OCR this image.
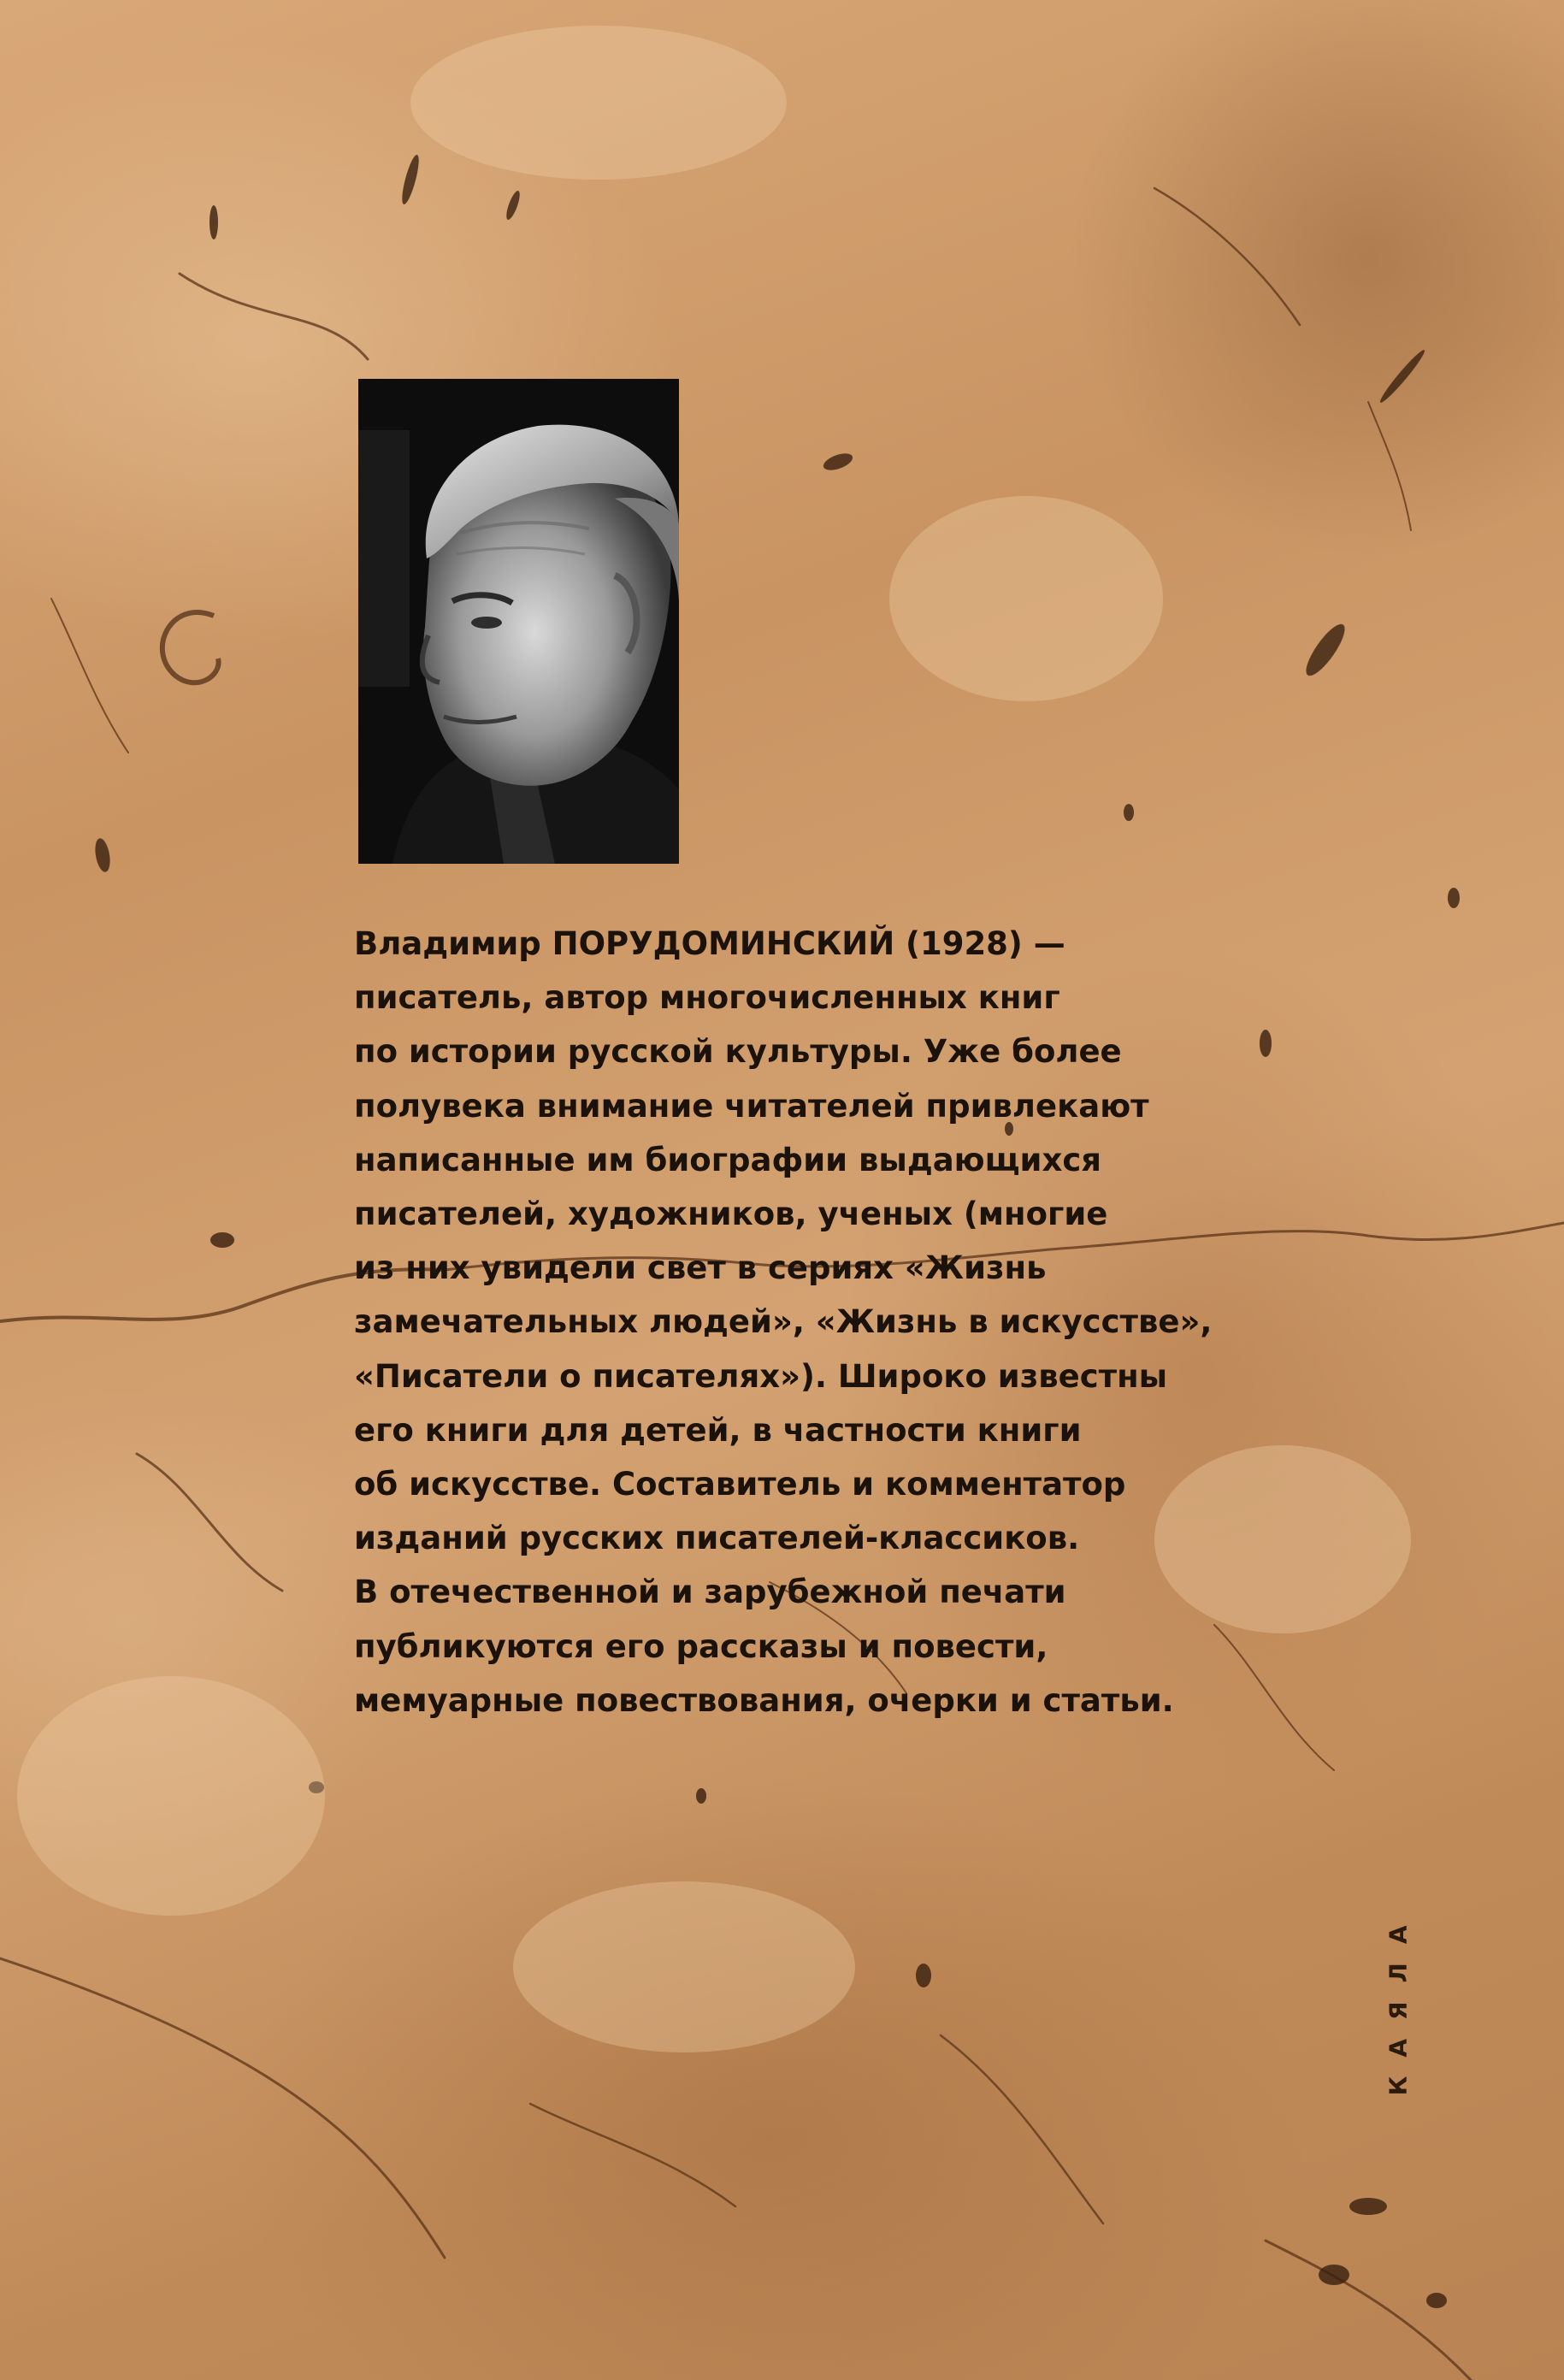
Владимир ПОРУДОМИНСКИЙ (1928) —
писатель, автор многочисленных книг
по истории русской культуры. Уже более
полувека внимание читателей привлекают
написанные им биографии выдающихся
писателей, художников, ученых (многие
из них увидели свет в сериях «Жизнь
замечательных людей», «Жизнь в искусстве»,
«Писатели о писателях»). Широко известны
его книги для детей, в частности книги
об искусстве. Составитель и комментатор
изданий русских писателей-классиков.
В отечественной и зарубежной печати
публикуются его рассказы и повести,
мемуарные повествования, очерки и статьи.
КАЯЛА
